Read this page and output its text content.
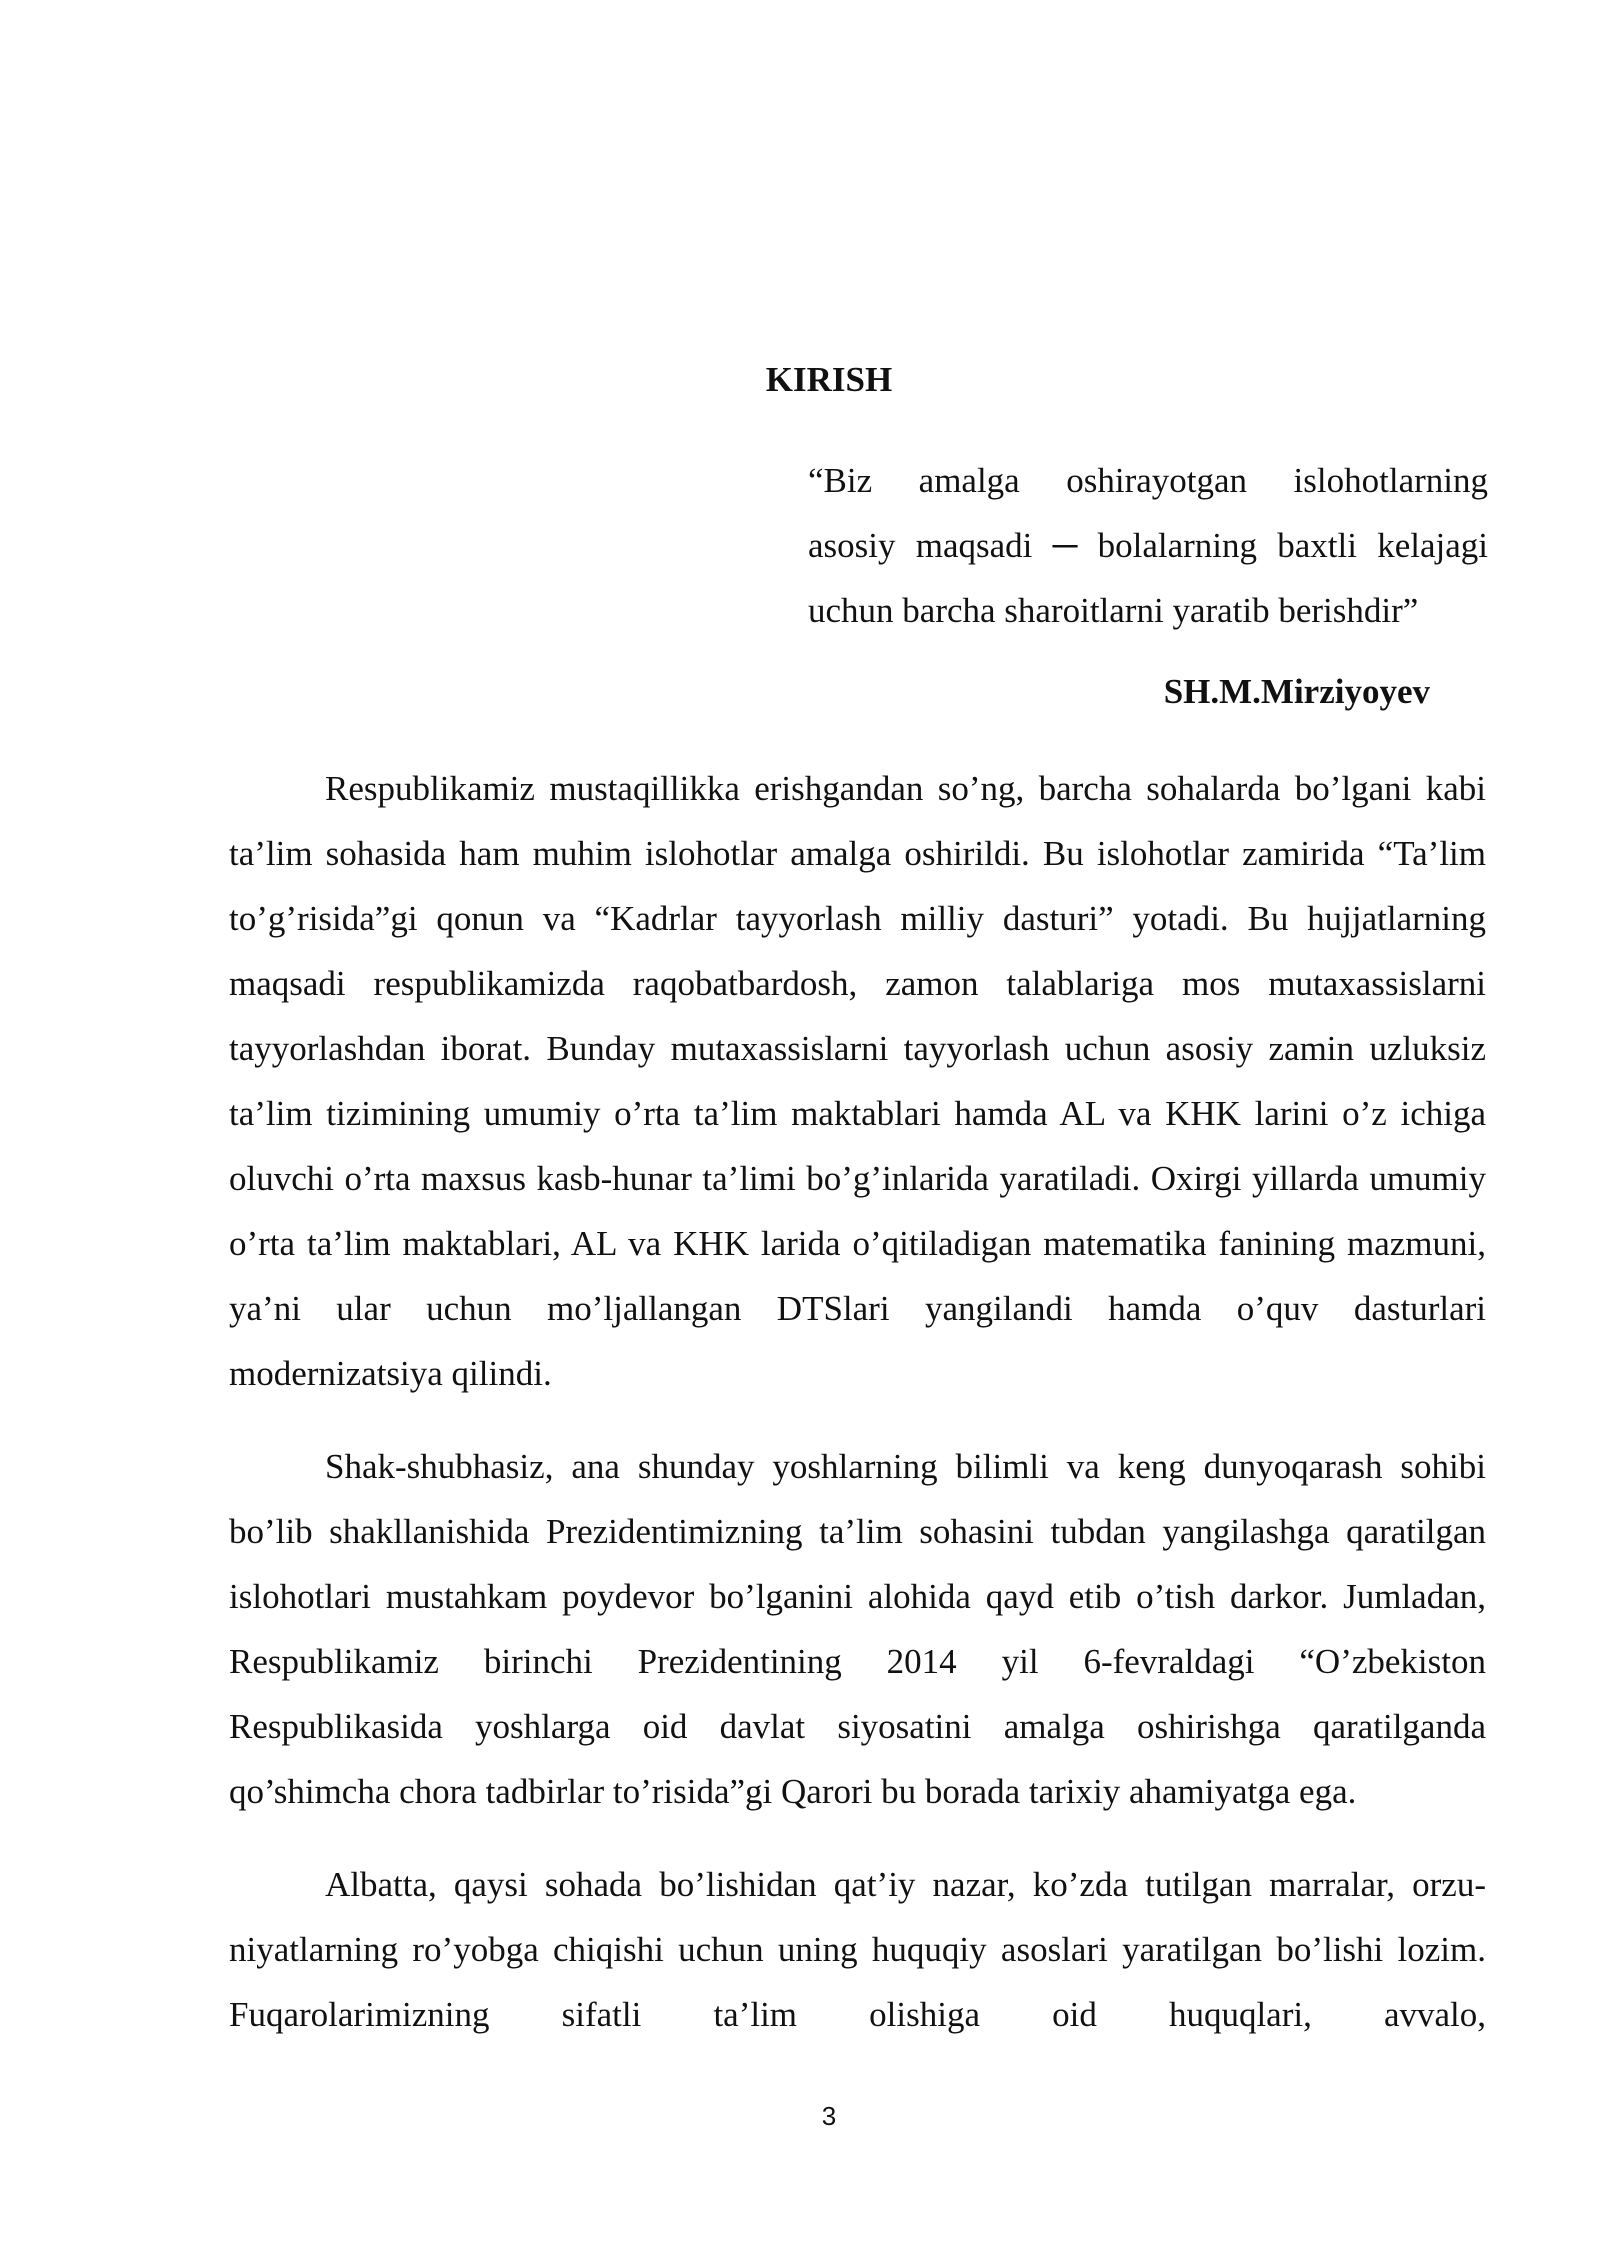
KIRISH
“Biz amalga oshirayotgan islohotlarning
asosiy maqsadi ─ bolalarning baxtli kelajagi
uchun barcha sharoitlarni yaratib berishdir”

SH.M.Mirziyoyev

Respublikamiz mustaqillikka erishgandan so’ng, barcha sohalarda bo’lgani kabi ta’lim sohasida ham muhim islohotlar amalga oshirildi. Bu islohotlar zamirida “Ta’lim to’g’risida”gi qonun va “Kadrlar tayyorlash milliy dasturi” yotadi. Bu hujjatlarning maqsadi respublikamizda raqobatbardosh, zamon talablariga mos mutaxassislarni tayyorlashdan iborat. Bunday mutaxassislarni tayyorlash uchun asosiy zamin uzluksiz ta’lim tizimining umumiy o’rta ta’lim maktablari hamda AL va KHK larini o’z ichiga oluvchi o’rta maxsus kasb-hunar ta’limi bo’g’inlarida yaratiladi. Oxirgi yillarda umumiy o’rta ta’lim maktablari, AL va KHK larida o’qitiladigan matematika fanining mazmuni, ya’ni ular uchun mo’ljallangan DTSlari yangilandi hamda o’quv dasturlari modernizatsiya qilindi.

Shak-shubhasiz, ana shunday yoshlarning bilimli va keng dunyoqarash sohibi bo’lib shakllanishida Prezidentimizning ta’lim sohasini tubdan yangilashga qaratilgan islohotlari mustahkam poydevor bo’lganini alohida qayd etib o’tish darkor. Jumladan, Respublikamiz birinchi Prezidentining 2014 yil 6-fevraldagi “O’zbekiston Respublikasida yoshlarga oid davlat siyosatini amalga oshirishga qaratilganda qo’shimcha chora tadbirlar to’risida”gi Qarori bu borada tarixiy ahamiyatga ega.

Albatta, qaysi sohada bo’lishidan qat’iy nazar, ko’zda tutilgan marralar, orzu-niyatlarning ro’yobga chiqishi uchun uning huquqiy asoslari yaratilgan bo’lishi lozim. Fuqarolarimizning sifatli ta’lim olishiga oid huquqlari, avvalo,

3
